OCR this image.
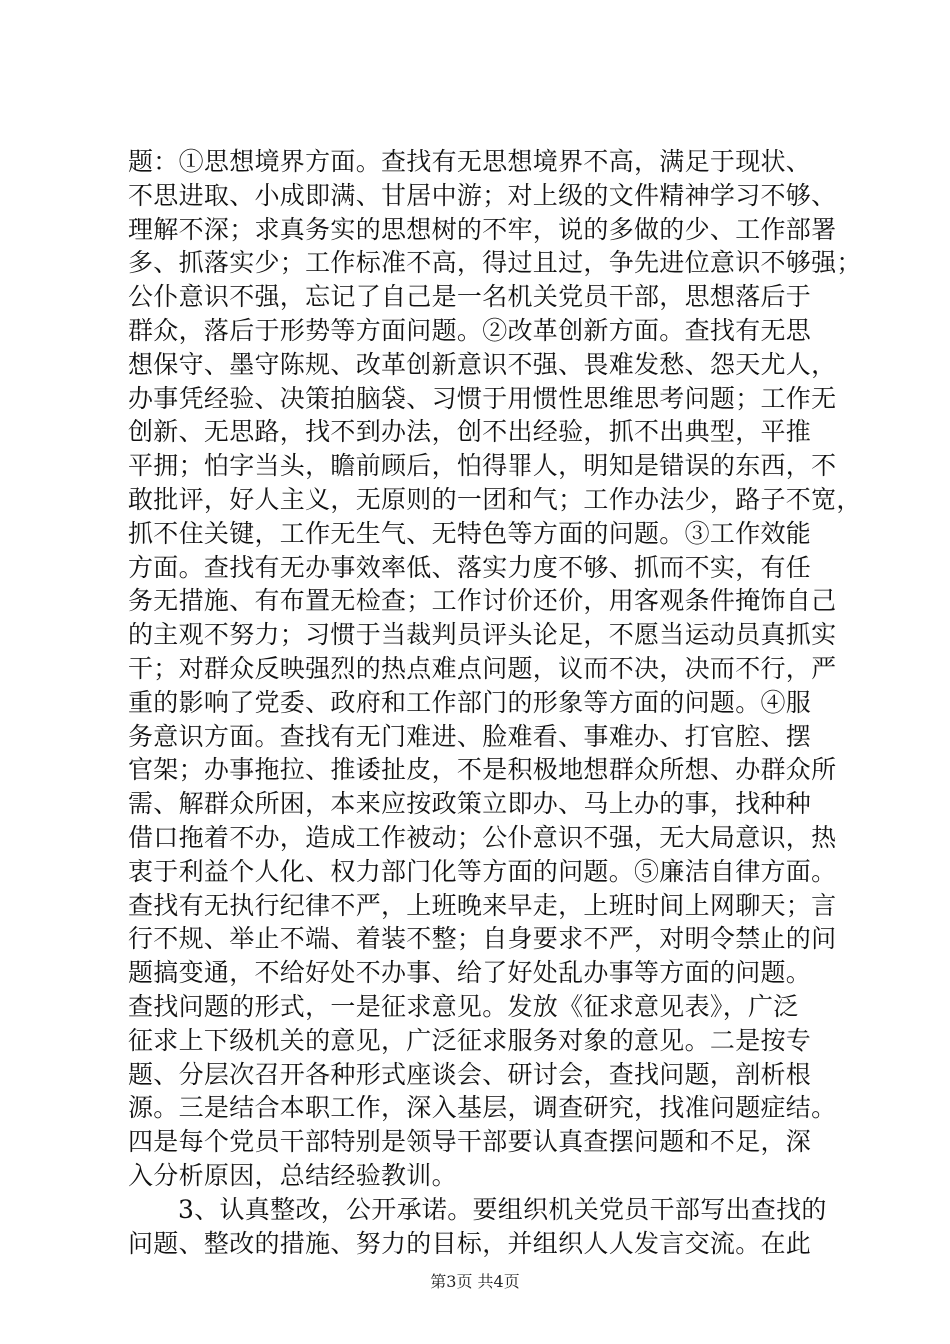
题：①思想境界方面。查找有无思想境界不高，满足于现状、
不思进取、小成即满、甘居中游；对上级的文件精神学习不够、
理解不深；求真务实的思想树的不牢，说的多做的少、工作部署
多、抓落实少；工作标准不高，得过且过，争先进位意识不够强；
公仆意识不强，忘记了自己是一名机关党员干部，思想落后于
群众，落后于形势等方面问题。②改革创新方面。查找有无思
想保守、墨守陈规、改革创新意识不强、畏难发愁、怨天尤人，
办事凭经验、决策拍脑袋、习惯于用惯性思维思考问题；工作无
创新、无思路，找不到办法，创不出经验，抓不出典型，平推
平拥；怕字当头，瞻前顾后，怕得罪人，明知是错误的东西，不
敢批评，好人主义，无原则的一团和气；工作办法少，路子不宽，
抓不住关键，工作无生气、无特色等方面的问题。③工作效能
方面。查找有无办事效率低、落实力度不够、抓而不实，有任
务无措施、有布置无检查；工作讨价还价，用客观条件掩饰自己
的主观不努力；习惯于当裁判员评头论足，不愿当运动员真抓实
干；对群众反映强烈的热点难点问题，议而不决，决而不行，严
重的影响了党委、政府和工作部门的形象等方面的问题。④服
务意识方面。查找有无门难进、脸难看、事难办、打官腔、摆
官架；办事拖拉、推诿扯皮，不是积极地想群众所想、办群众所
需、解群众所困，本来应按政策立即办、马上办的事，找种种
借口拖着不办，造成工作被动；公仆意识不强，无大局意识，热
衷于利益个人化、权力部门化等方面的问题。⑤廉洁自律方面。
查找有无执行纪律不严，上班晚来早走，上班时间上网聊天；言
行不规、举止不端、着装不整；自身要求不严，对明令禁止的问
题搞变通，不给好处不办事、给了好处乱办事等方面的问题。
查找问题的形式，一是征求意见。发放《征求意见表》，广泛
征求上下级机关的意见，广泛征求服务对象的意见。二是按专
题、分层次召开各种形式座谈会、研讨会，查找问题，剖析根
源。三是结合本职工作，深入基层，调查研究，找准问题症结。
四是每个党员干部特别是领导干部要认真查摆问题和不足，深
入分析原因，总结经验教训。
3、认真整改，公开承诺。要组织机关党员干部写出查找的
问题、整改的措施、努力的目标，并组织人人发言交流。在此
第3页 共4页
